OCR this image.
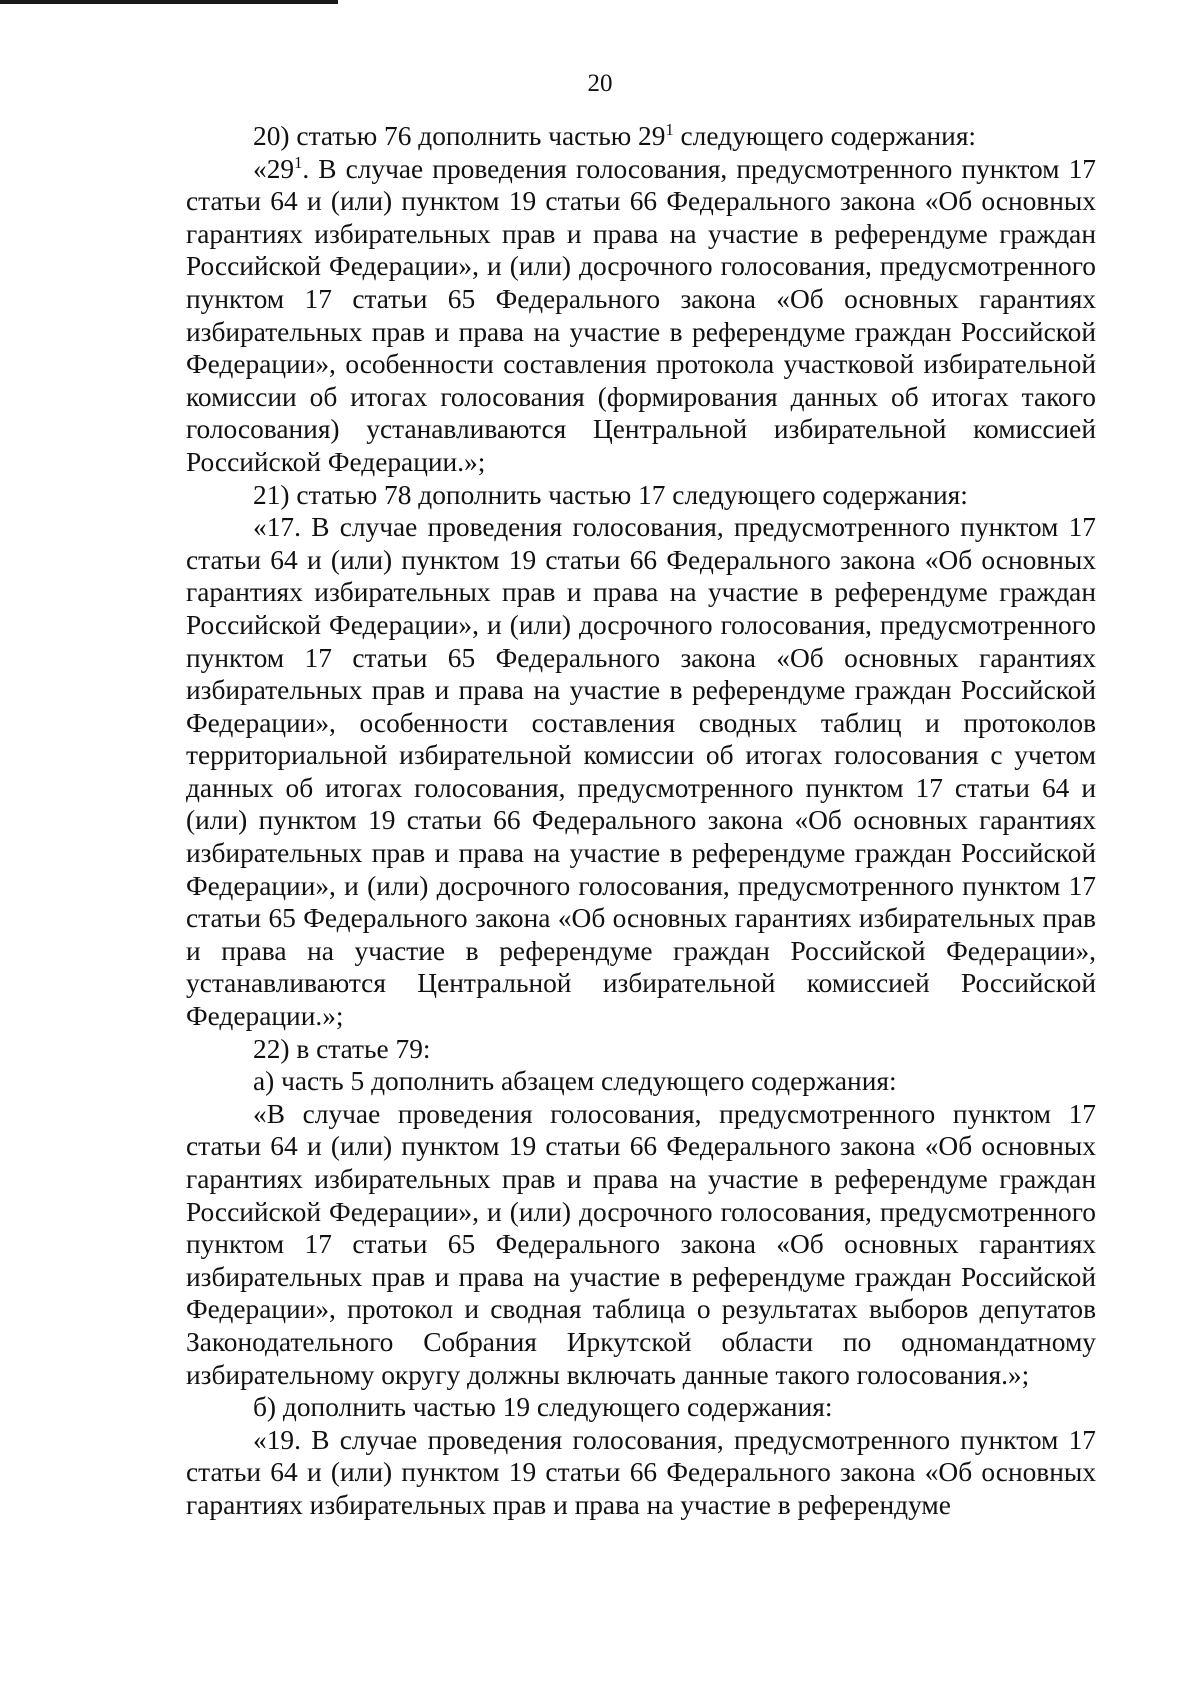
20

20) статью 76 дополнить частью $29^1$ следующего содержания:

«$29^1$. В случае проведения голосования, предусмотренного пунктом 17 статьи 64 и (или) пунктом 19 статьи 66 Федерального закона «Об основных гарантиях избирательных прав и права на участие в референдуме граждан Российской Федерации», и (или) досрочного голосования, предусмотренного пунктом 17 статьи 65 Федерального закона «Об основных гарантиях избирательных прав и права на участие в референдуме граждан Российской Федерации», особенности составления протокола участковой избирательной комиссии об итогах голосования (формирования данных об итогах такого голосования) устанавливаются Центральной избирательной комиссией Российской Федерации.»;

21) статью 78 дополнить частью 17 следующего содержания:

«17. В случае проведения голосования, предусмотренного пунктом 17 статьи 64 и (или) пунктом 19 статьи 66 Федерального закона «Об основных гарантиях избирательных прав и права на участие в референдуме граждан Российской Федерации», и (или) досрочного голосования, предусмотренного пунктом 17 статьи 65 Федерального закона «Об основных гарантиях избирательных прав и права на участие в референдуме граждан Российской Федерации», особенности составления сводных таблиц и протоколов территориальной избирательной комиссии об итогах голосования с учетом данных об итогах голосования, предусмотренного пунктом 17 статьи 64 и (или) пунктом 19 статьи 66 Федерального закона «Об основных гарантиях избирательных прав и права на участие в референдуме граждан Российской Федерации», и (или) досрочного голосования, предусмотренного пунктом 17 статьи 65 Федерального закона «Об основных гарантиях избирательных прав и права на участие в референдуме граждан Российской Федерации», устанавливаются Центральной избирательной комиссией Российской Федерации.»;

22) в статье 79:

а) часть 5 дополнить абзацем следующего содержания:

«В случае проведения голосования, предусмотренного пунктом 17 статьи 64 и (или) пунктом 19 статьи 66 Федерального закона «Об основных гарантиях избирательных прав и права на участие в референдуме граждан Российской Федерации», и (или) досрочного голосования, предусмотренного пунктом 17 статьи 65 Федерального закона «Об основных гарантиях избирательных прав и права на участие в референдуме граждан Российской Федерации», протокол и сводная таблица о результатах выборов депутатов Законодательного Собрания Иркутской области по одномандатному избирательному округу должны включать данные такого голосования.»;

б) дополнить частью 19 следующего содержания:

«19. В случае проведения голосования, предусмотренного пунктом 17 статьи 64 и (или) пунктом 19 статьи 66 Федерального закона «Об основных гарантиях избирательных прав и права на участие в референдуме
